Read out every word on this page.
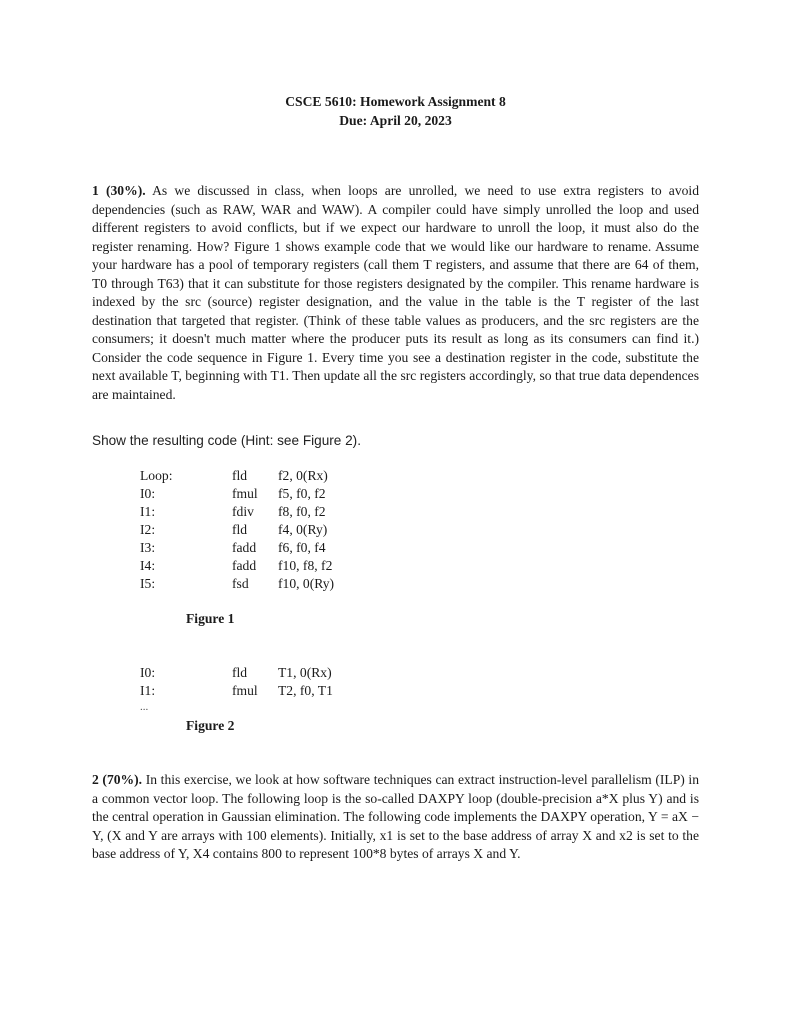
CSCE 5610: Homework Assignment 8
Due: April 20, 2023
1 (30%). As we discussed in class, when loops are unrolled, we need to use extra registers to avoid dependencies (such as RAW, WAR and WAW). A compiler could have simply unrolled the loop and used different registers to avoid conflicts, but if we expect our hardware to unroll the loop, it must also do the register renaming. How? Figure 1 shows example code that we would like our hardware to rename. Assume your hardware has a pool of temporary registers (call them T registers, and assume that there are 64 of them, T0 through T63) that it can substitute for those registers designated by the compiler. This rename hardware is indexed by the src (source) register designation, and the value in the table is the T register of the last destination that targeted that register. (Think of these table values as producers, and the src registers are the consumers; it doesn't much matter where the producer puts its result as long as its consumers can find it.) Consider the code sequence in Figure 1. Every time you see a destination register in the code, substitute the next available T, beginning with T1. Then update all the src registers accordingly, so that true data dependences are maintained.
Show the resulting code (Hint: see Figure 2).
Loop:	fld f2, 0(Rx)
I0:	fmul f5, f0, f2
I1:	fdiv f8, f0, f2
I2:	fld f4, 0(Ry)
I3:	fadd f6, f0, f4
I4:	fadd f10, f8, f2
I5:	fsd f10, 0(Ry)
Figure 1
I0:	fld T1, 0(Rx)
I1:	fmul T2, f0, T1
...
Figure 2
2 (70%). In this exercise, we look at how software techniques can extract instruction-level parallelism (ILP) in a common vector loop. The following loop is the so-called DAXPY loop (double-precision a*X plus Y) and is the central operation in Gaussian elimination. The following code implements the DAXPY operation, Y = aX − Y, (X and Y are arrays with 100 elements). Initially, x1 is set to the base address of array X and x2 is set to the base address of Y, X4 contains 800 to represent 100*8 bytes of arrays X and Y.
